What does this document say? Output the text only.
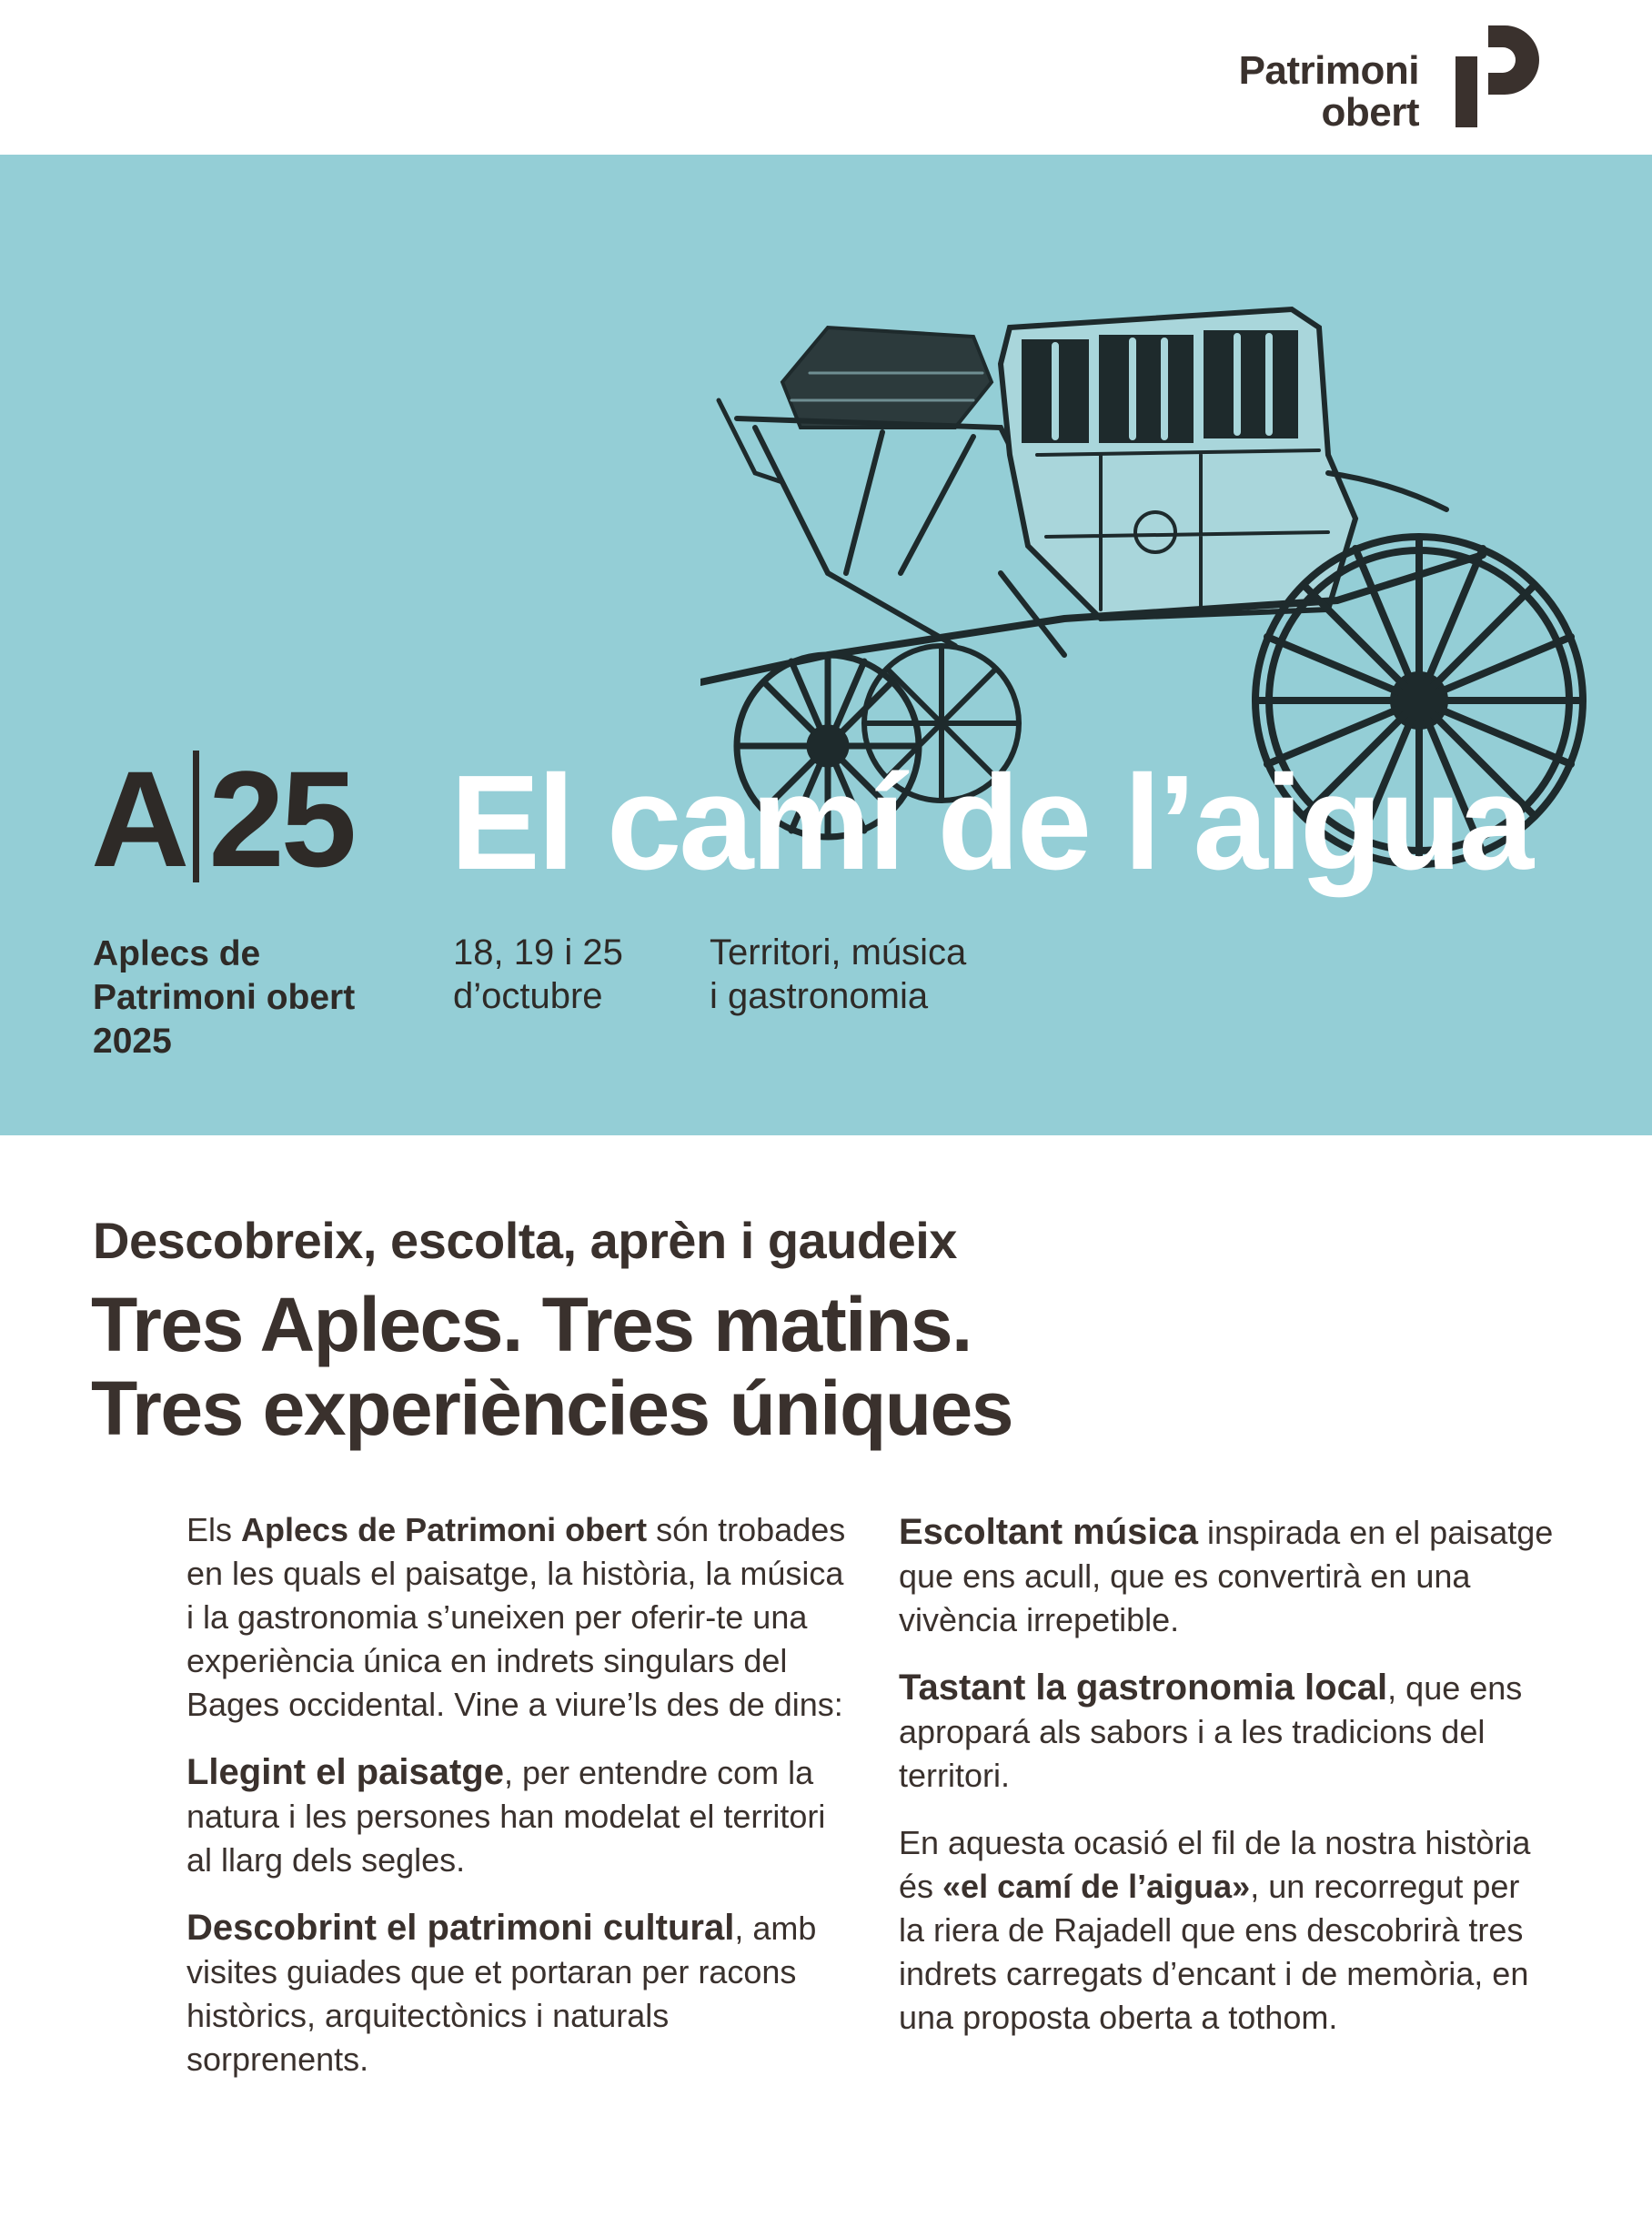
Patrimoni
obert
A 25 El camí de l’aigua
Aplecs de
Patrimoni obert
2025
18, 19 i 25
d’octubre
Territori, música
i gastronomia
Descobreix, escolta, aprèn i gaudeix
Tres Aplecs. Tres matins.
Tres experiències úniques

Els Aplecs de Patrimoni obert són trobades en les quals el paisatge, la història, la música i la gastronomia s’uneixen per oferir-te una experiència única en indrets singulars del Bages occidental. Vine a viure’ls des de dins:

Llegint el paisatge, per entendre com la natura i les persones han modelat el territori al llarg dels segles.

Descobrint el patrimoni cultural, amb visites guiades que et portaran per racons històrics, arquitectònics i naturals sorprenents.

Escoltant música inspirada en el paisatge que ens acull, que es convertirà en una vivència irrepetible.

Tastant la gastronomia local, que ens apropará als sabors i a les tradicions del territori.

En aquesta ocasió el fil de la nostra història és «el camí de l’aigua», un recorregut per la riera de Rajadell que ens descobrirà tres indrets carregats d’encant i de memòria, en una proposta oberta a tothom.
